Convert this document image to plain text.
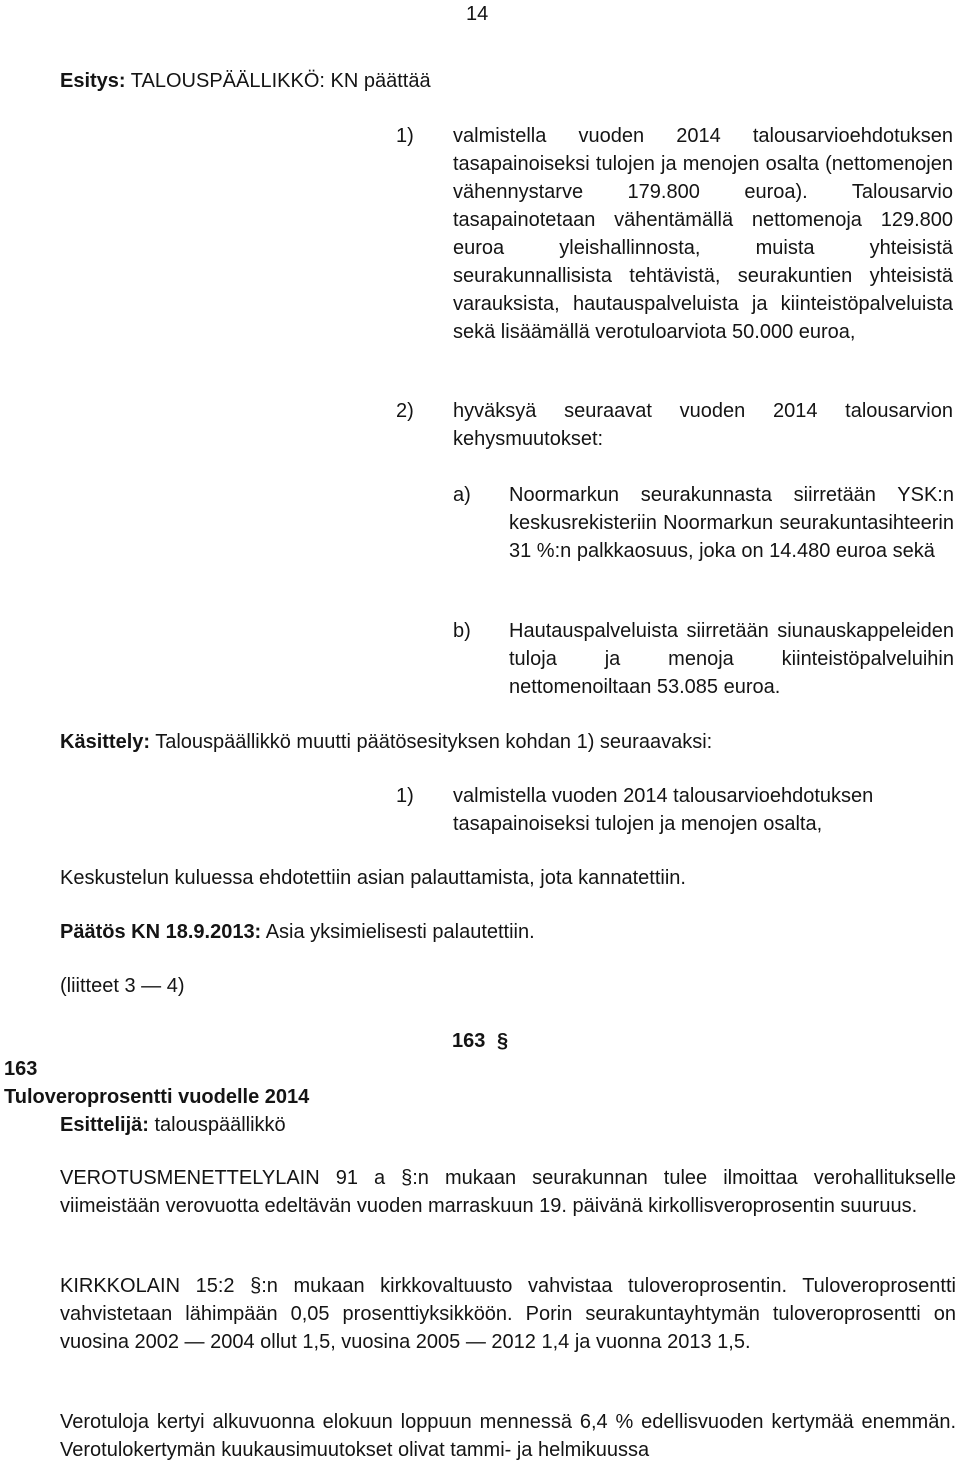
14
Esitys: TALOUSPÄÄLLIKKÖ: KN päättää
1) valmistella vuoden 2014 talousarvioehdotuksen tasapainoiseksi tulojen ja menojen osalta (nettomenojen vähennystarve 179.800 euroa). Talousarvio tasapainotetaan vähentämällä nettomenoja 129.800 euroa yleishallinnosta, muista yhteisistä seurakunnallisista tehtävistä, seurakuntien yhteisistä varauksista, hautauspalveluista ja kiinteistöpalveluista sekä lisäämällä verotuloarviota 50.000 euroa,

2) hyväksyä seuraavat vuoden 2014 talousarvion kehysmuutokset:

a) Noormarkun seurakunnasta siirretään YSK:n keskusrekisteriin Noormarkun seurakuntasihteerin 31 %:n palkkaosuus, joka on 14.480 euroa sekä

b) Hautauspalveluista siirretään siunauskappeleiden tuloja ja menoja kiinteistöpalveluihin nettomenoiltaan 53.085 euroa.

Käsittely: Talouspäällikkö muutti päätösesityksen kohdan 1) seuraavaksi:
1) valmistella vuoden 2014 talousarvioehdotuksen tasapainoiseksi tulojen ja menojen osalta,

Keskustelun kuluessa ehdotettiin asian palauttamista, jota kannatettiin.
Päätös KN 18.9.2013: Asia yksimielisesti palautettiin.
(liitteet 3 — 4)
163 §
163
Tuloveroprosentti vuodelle 2014
Esittelijä: talouspäällikkö

VEROTUSMENETTELYLAIN 91 a §:n mukaan seurakunnan tulee ilmoittaa verohallitukselle viimeistään verovuotta edeltävän vuoden marraskuun 19. päivänä kirkollisveroprosentin suuruus.

KIRKKOLAIN 15:2 §:n mukaan kirkkovaltuusto vahvistaa tuloveroprosentin. Tuloveroprosentti vahvistetaan lähimpään 0,05 prosenttiyksikköön. Porin seurakuntayhtymän tuloveroprosentti on vuosina 2002 — 2004 ollut 1,5, vuosina 2005 — 2012 1,4 ja vuonna 2013 1,5.

Verotuloja kertyi alkuvuonna elokuun loppuun mennessä 6,4 % edellisvuoden kertymää enemmän. Verotulokertymän kuukausimuutokset olivat tammi- ja helmikuussa
